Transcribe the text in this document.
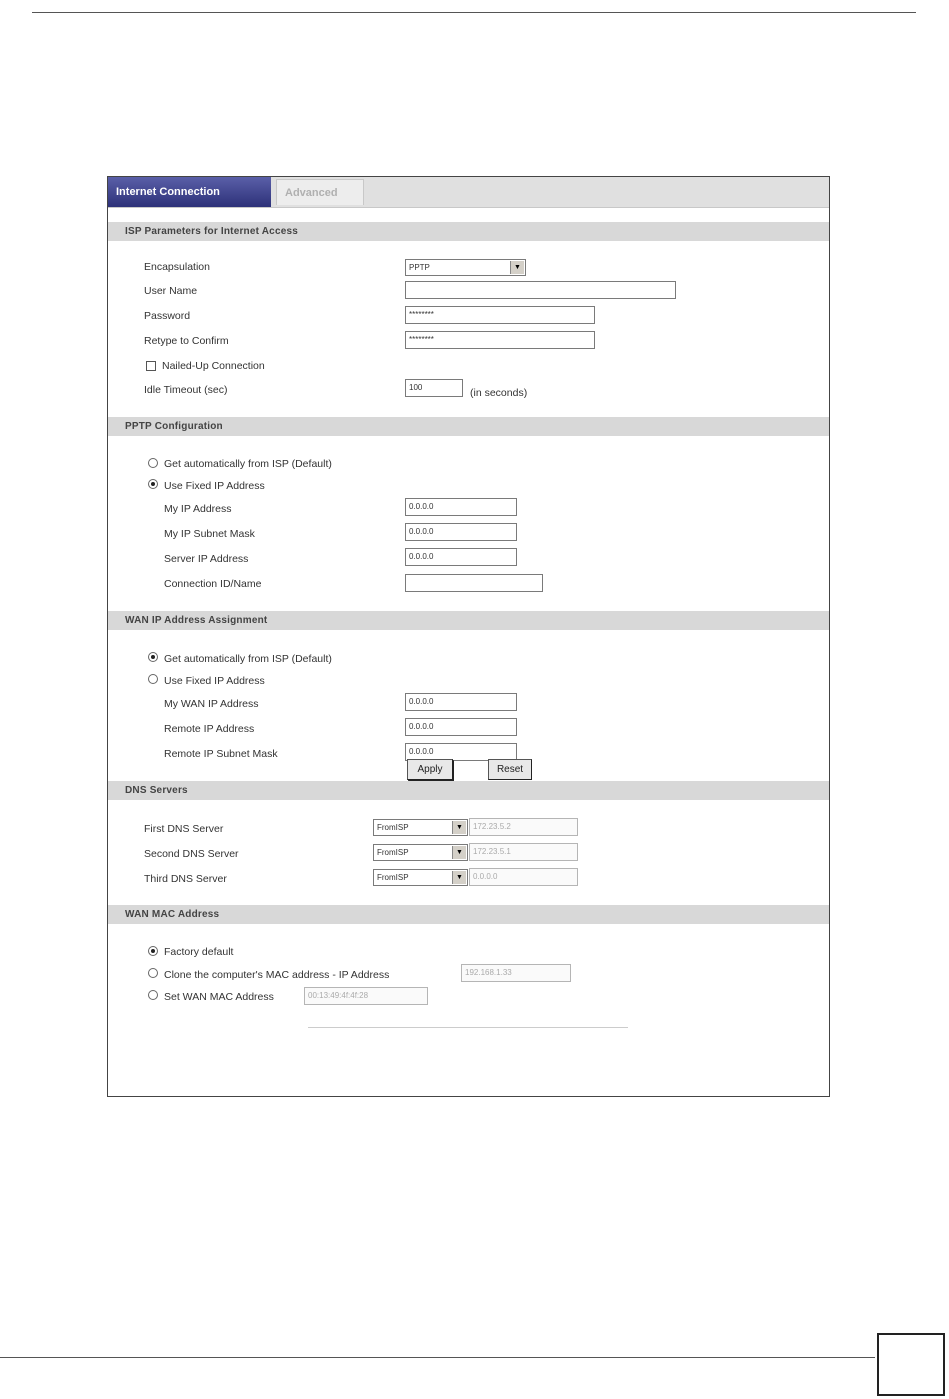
Internet Connection	Advanced
ISP Parameters for Internet Access
Encapsulation	PPTP	▼
User Name
Password	********
Retype to Confirm	********
Nailed-Up Connection
Idle Timeout (sec)	100	(in seconds)
PPTP Configuration
Get automatically from ISP (Default)
Use Fixed IP Address
My IP Address	0.0.0.0
My IP Subnet Mask	0.0.0.0
Server IP Address	0.0.0.0
Connection ID/Name
WAN IP Address Assignment
Get automatically from ISP (Default)
Use Fixed IP Address
My WAN IP Address	0.0.0.0
Remote IP Address	0.0.0.0
Remote IP Subnet Mask	0.0.0.0
DNS Servers
First DNS Server	FromISP	▼	172.23.5.2
Second DNS Server	FromISP	▼	172.23.5.1
Third DNS Server	FromISP	▼	0.0.0.0
WAN MAC Address
Factory default
Clone the computer's MAC address - IP Address	192.168.1.33
Set WAN MAC Address	00:13:49:4f:4f:28
Apply	Reset
